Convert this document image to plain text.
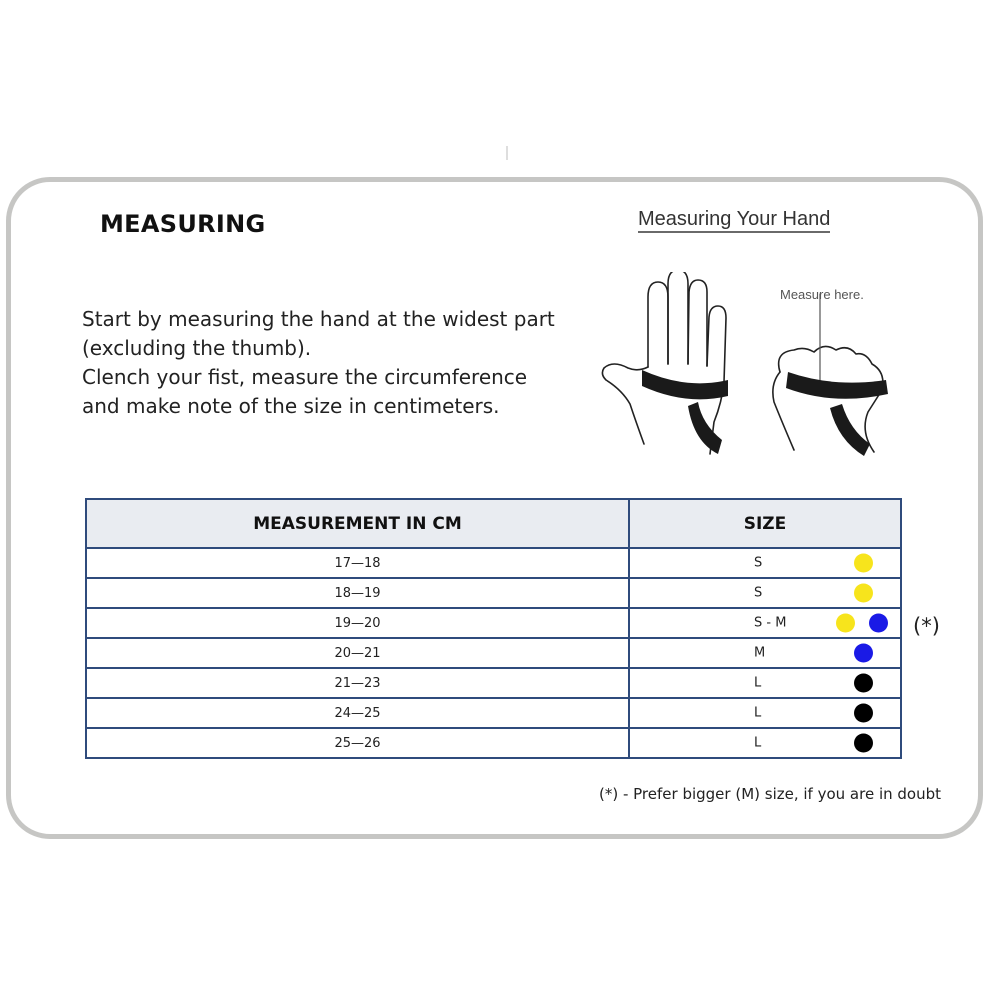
MEASURING

Start by measuring the hand at the widest part

(excluding the thumb).

Clench your fist, measure the circumference

and make note of the size in centimeters.

Measuring Your Hand
Measure here.
MEASUREMENT IN CM	SIZE
17—18	S

18—19	S

19—20	S - M

20—21	M

21—23	L

24—25	L

25—26	L
(*)
(*) - Prefer bigger (M) size, if you are in doubt
